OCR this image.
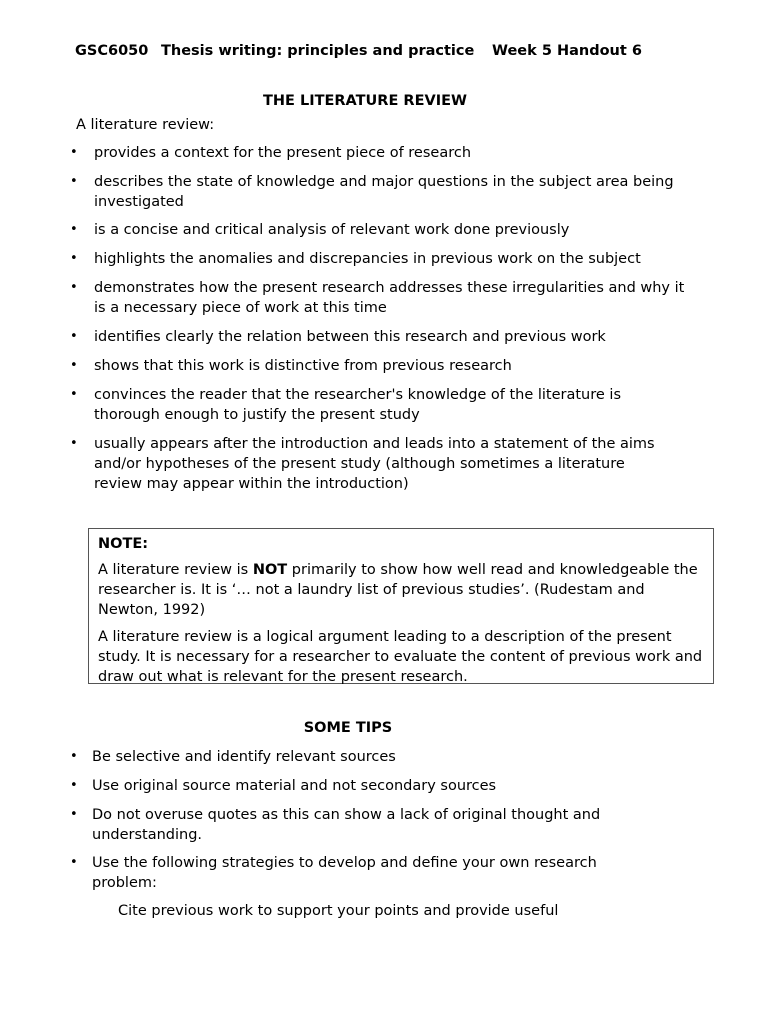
GSC6050 Thesis writing: principles and practice Week 5 Handout 6
THE LITERATURE REVIEW
A literature review:
• provides a context for the present piece of research
• describes the state of knowledge and major questions in the subject area being investigated
• is a concise and critical analysis of relevant work done previously
• highlights the anomalies and discrepancies in previous work on the subject
• demonstrates how the present research addresses these irregularities and why it is a necessary piece of work at this time
• identifies clearly the relation between this research and previous work
• shows that this work is distinctive from previous research
• convinces the reader that the researcher's knowledge of the literature is thorough enough to justify the present study
• usually appears after the introduction and leads into a statement of the aims and/or hypotheses of the present study (although sometimes a literature review may appear within the introduction)
NOTE:

A literature review is NOT primarily to show how well read and knowledgeable the researcher is. It is ‘… not a laundry list of previous studies’. (Rudestam and Newton, 1992)

A literature review is a logical argument leading to a description of the present study. It is necessary for a researcher to evaluate the content of previous work and draw out what is relevant for the present research.

SOME TIPS
• Be selective and identify relevant sources
• Use original source material and not secondary sources
• Do not overuse quotes as this can show a lack of original thought and understanding.
• Use the following strategies to develop and define your own research problem:
Cite previous work to support your points and provide useful
